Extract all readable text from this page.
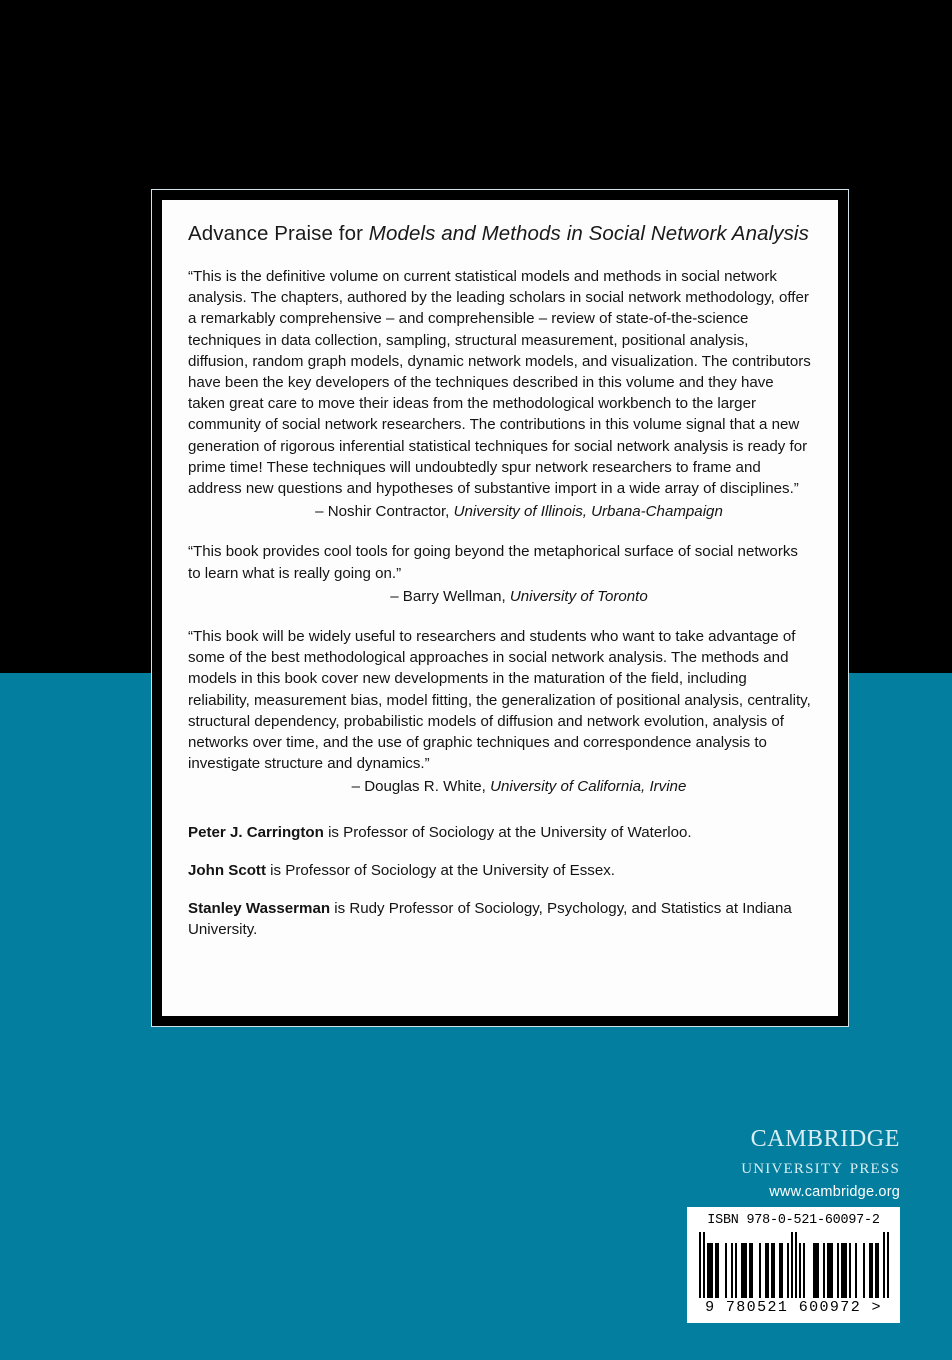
Advance Praise for Models and Methods in Social Network Analysis

“This is the definitive volume on current statistical models and methods in social network analysis. The chapters, authored by the leading scholars in social network methodology, offer a remarkably comprehensive – and comprehensible – review of state-of-the-science techniques in data collection, sampling, structural measurement, positional analysis, diffusion, random graph models, dynamic network models, and visualization. The contributors have been the key developers of the techniques described in this volume and they have taken great care to move their ideas from the methodological workbench to the larger community of social network researchers. The contributions in this volume signal that a new generation of rigorous inferential statistical techniques for social network analysis is ready for prime time! These techniques will undoubtedly spur network researchers to frame and address new questions and hypotheses of substantive import in a wide array of disciplines.”

– Noshir Contractor, University of Illinois, Urbana-Champaign

“This book provides cool tools for going beyond the metaphorical surface of social networks to learn what is really going on.”

– Barry Wellman, University of Toronto

“This book will be widely useful to researchers and students who want to take advantage of some of the best methodological approaches in social network analysis. The methods and models in this book cover new developments in the maturation of the field, including reliability, measurement bias, model fitting, the generalization of positional analysis, centrality, structural dependency, probabilistic models of diffusion and network evolution, analysis of networks over time, and the use of graphic techniques and correspondence analysis to investigate structure and dynamics.”

– Douglas R. White, University of California, Irvine

Peter J. Carrington is Professor of Sociology at the University of Waterloo.

John Scott is Professor of Sociology at the University of Essex.

Stanley Wasserman is Rudy Professor of Sociology, Psychology, and Statistics at Indiana University.

cambridge
university press
www.cambridge.org
ISBN 978-0-521-60097-2
9 780521 600972 >
